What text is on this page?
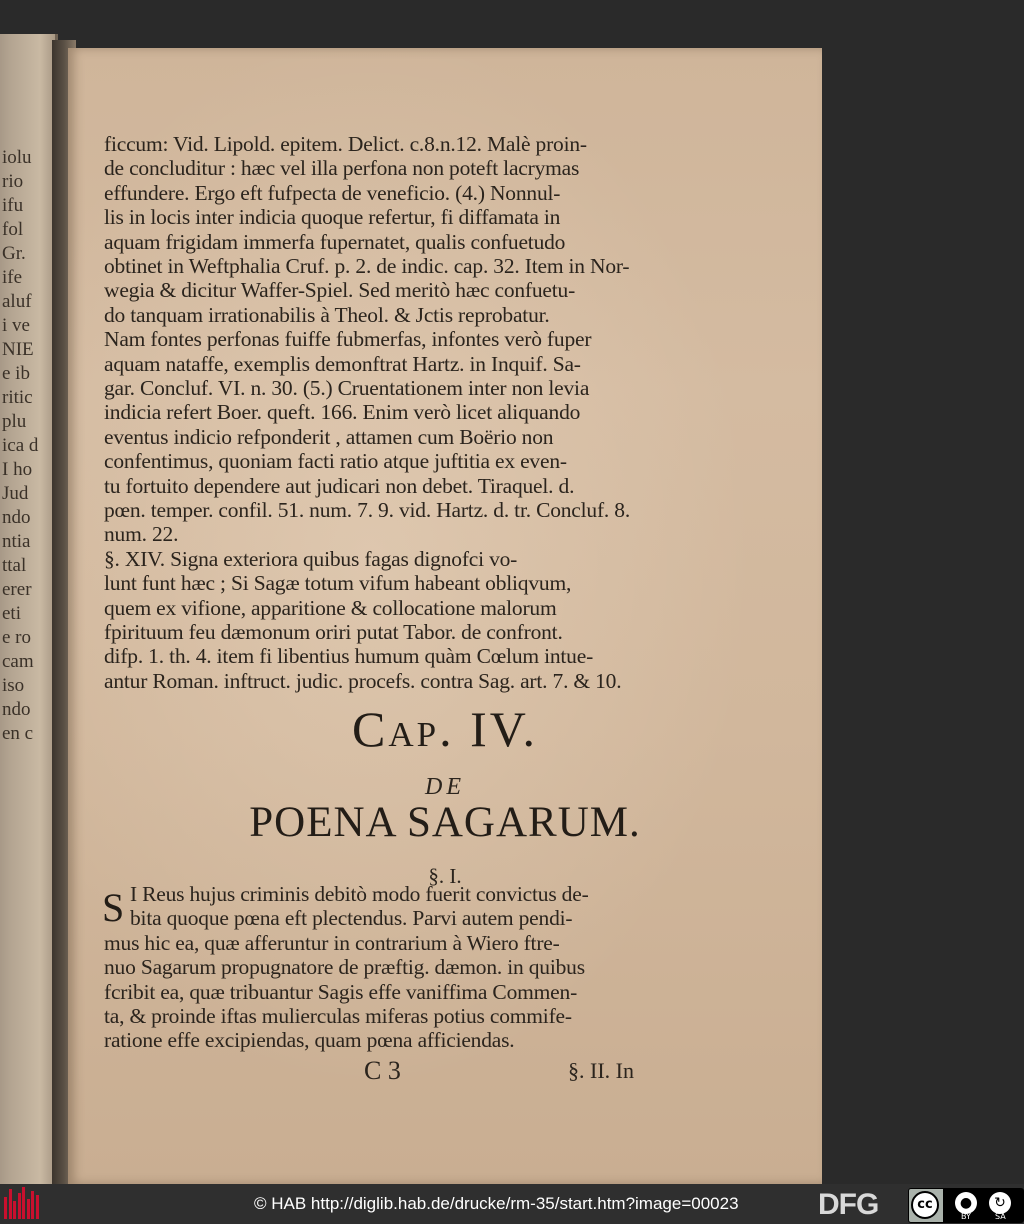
iolu
rio
ifu
fol
Gr.
ife
aluf
i ve
NIE
e ib
ritic
plu
ica d
I ho
Jud
ndo
ntia
ttal
erer
eti
e ro
cam
iso
ndo
en c
ficcum: Vid. Lipold. epitem. Delict. c.8.n.12. Malè proin-
de concluditur : hæc vel illa perfona non poteft lacrymas
effundere. Ergo eft fufpecta de veneficio. (4.) Nonnul-
lis in locis inter indicia quoque refertur, fi diffamata in
aquam frigidam immerfa fupernatet, qualis confuetudo
obtinet in Weftphalia Cruf. p. 2. de indic. cap. 32. Item in Nor-
wegia & dicitur Waffer-Spiel. Sed meritò hæc confuetu-
do tanquam irrationabilis à Theol. & Jctis reprobatur.
Nam fontes perfonas fuiffe fubmerfas, infontes verò fuper
aquam nataffe, exemplis demonftrat Hartz. in Inquif. Sa-
gar. Concluf. VI. n. 30. (5.) Cruentationem inter non levia
indicia refert Boer. queft. 166. Enim verò licet aliquando
eventus indicio refponderit , attamen cum Boërio non
confentimus, quoniam facti ratio atque juftitia ex even-
tu fortuito dependere aut judicari non debet. Tiraquel. d.
pœn. temper. confil. 51. num. 7. 9. vid. Hartz. d. tr. Concluf. 8.
num. 22.
§. XIV. Signa exteriora quibus fagas dignofci vo-
lunt funt hæc ; Si Sagæ totum vifum habeant obliqvum,
quem ex vifione, apparitione & collocatione malorum
fpirituum feu dæmonum oriri putat Tabor. de confront.
difp. 1. th. 4. item fi libentius humum quàm Cœlum intue-
antur Roman. inftruct. judic. procefs. contra Sag. art. 7. & 10.
Cap. IV.
DE
POENA SAGARUM.
§. I.
S I Reus hujus criminis debitò modo fuerit convictus de-
bita quoque pœna eft plectendus. Parvi autem pendi-
mus hic ea, quæ afferuntur in contrarium à Wiero ftre-
nuo Sagarum propugnatore de præftig. dæmon. in quibus
fcribit ea, quæ tribuantur Sagis effe vaniffima Commen-
ta, & proinde iftas mulierculas miferas potius commife-
ratione effe excipiendas, quam pœna afficiendas.
C 3	§. II. In
© HAB http://diglib.hab.de/drucke/rm-35/start.htm?image=00023	DFG	cc	●	↻
BY	SA
